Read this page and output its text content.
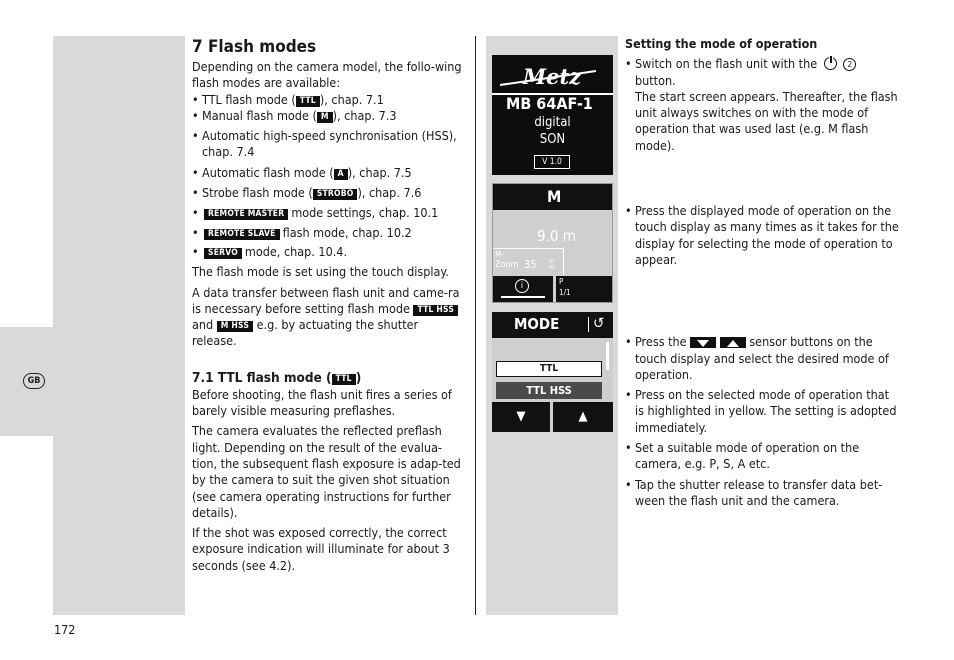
GB
172
7 Flash modes

Depending on the camera model, the follo-wing flash modes are available:

• TTL flash mode ( TTL ), chap. 7.1
• Manual flash mode ( M ), chap. 7.3
• Automatic high-speed synchronisation (HSS), chap. 7.4
• Automatic flash mode ( A ), chap. 7.5
• Strobe flash mode ( STROBO ), chap. 7.6
• REMOTE MASTER mode settings, chap. 10.1
• REMOTE SLAVE flash mode, chap. 10.2
• SERVO mode, chap. 10.4.

The flash mode is set using the touch display.

A data transfer between flash unit and came-ra is necessary before setting flash mode TTL HSS and M HSS e.g. by actuating the shutter release.

7.1 TTL flash mode ( TTL )

Before shooting, the flash unit fires a series of barely visible measuring preflashes.

The camera evaluates the reflected preflash light. Depending on the result of the evalua-tion, the subsequent flash exposure is adap-ted by the camera to suit the given shot situation (see camera operating instructions for further details).

If the shot was exposed correctly, the correct exposure indication will illuminate for about 3 seconds (see 4.2).

Metz
MB 64AF-1
digital
SON
V 1.0
M
9.0 m
M-
Zoom 35 m m
i	P
1/1
MODE ↺
TTL
TTL HSS
▼	▲
Setting the mode of operation
• Switch on the flash unit with the	2
button.
The start screen appears. Thereafter, the flash unit always switches on with the mode of operation that was used last (e.g. M flash mode).
• Press the displayed mode of operation on the touch display as many times as it takes for the display for selecting the mode of operation to appear.
• Press the	sensor buttons on the touch display and select the desired mode of operation.
• Press on the selected mode of operation that is highlighted in yellow. The setting is adopted immediately.
• Set a suitable mode of operation on the camera, e.g. P, S, A etc.
• Tap the shutter release to transfer data bet-ween the flash unit and the camera.
